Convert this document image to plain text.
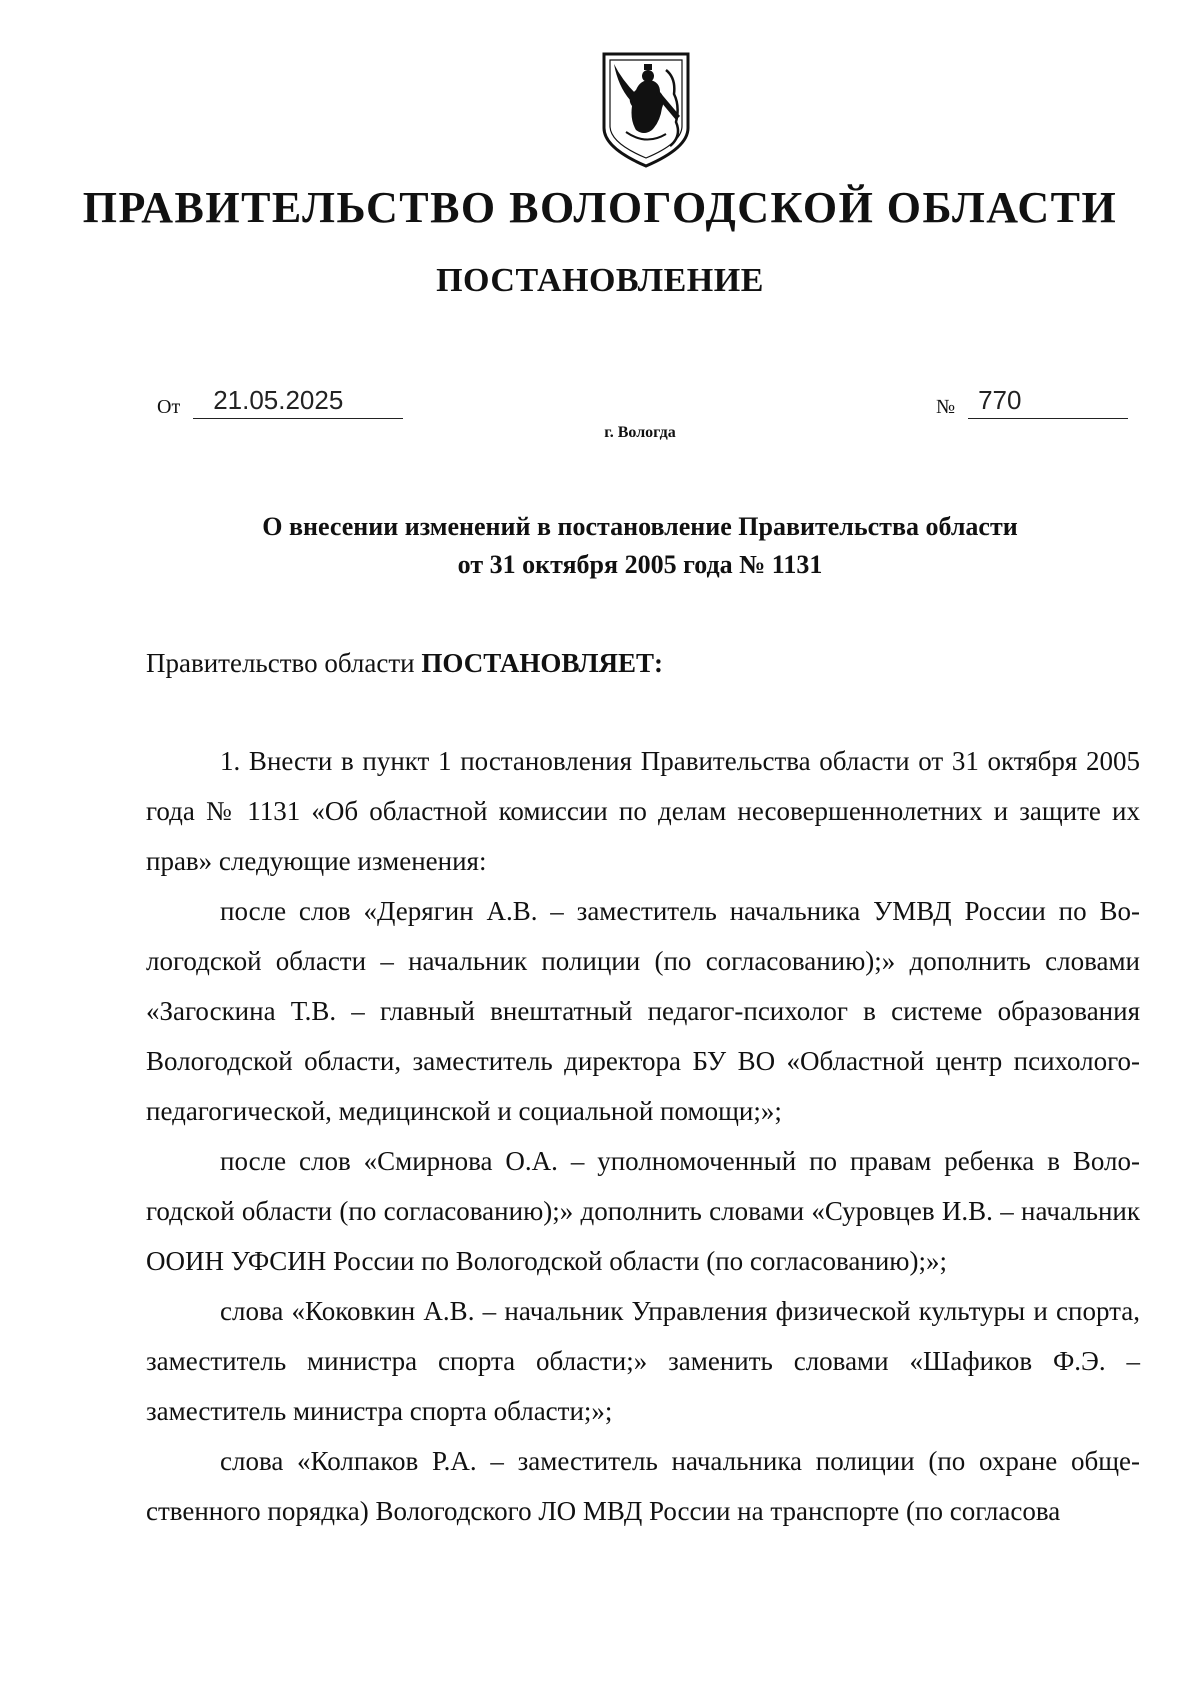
ПРАВИТЕЛЬСТВО ВОЛОГОДСКОЙ ОБЛАСТИ
ПОСТАНОВЛЕНИЕ
От 21.05.2025	№ 770
г. Вологда
О внесении изменений в постановление Правительства области
от 31 октября 2005 года № 1131
Правительство области ПОСТАНОВЛЯЕТ:

1. Внести в пункт 1 постановления Правительства области от 31 октября 2005 года № 1131 «Об областной комиссии по делам несовершеннолетних и защите их прав» следующие изменения:

после слов «Дерягин А.В. – заместитель начальника УМВД России по Вологодской области – начальник полиции (по согласованию);» дополнить словами «Загоскина Т.В. – главный внештатный педагог-психолог в системе образования Вологодской области, заместитель директора БУ ВО «Областной центр психолого-педагогической, медицинской и социальной помощи;»;

после слов «Смирнова О.А. – уполномоченный по правам ребенка в Вологодской области (по согласованию);» дополнить словами «Суровцев И.В. – начальник ООИН УФСИН России по Вологодской области (по согласованию);»;

слова «Коковкин А.В. – начальник Управления физической культуры и спорта, заместитель министра спорта области;» заменить словами «Шафиков Ф.Э. – заместитель министра спорта области;»;

слова «Колпаков Р.А. – заместитель начальника полиции (по охране общественного порядка) Вологодского ЛО МВД России на транспорте (по согласова
